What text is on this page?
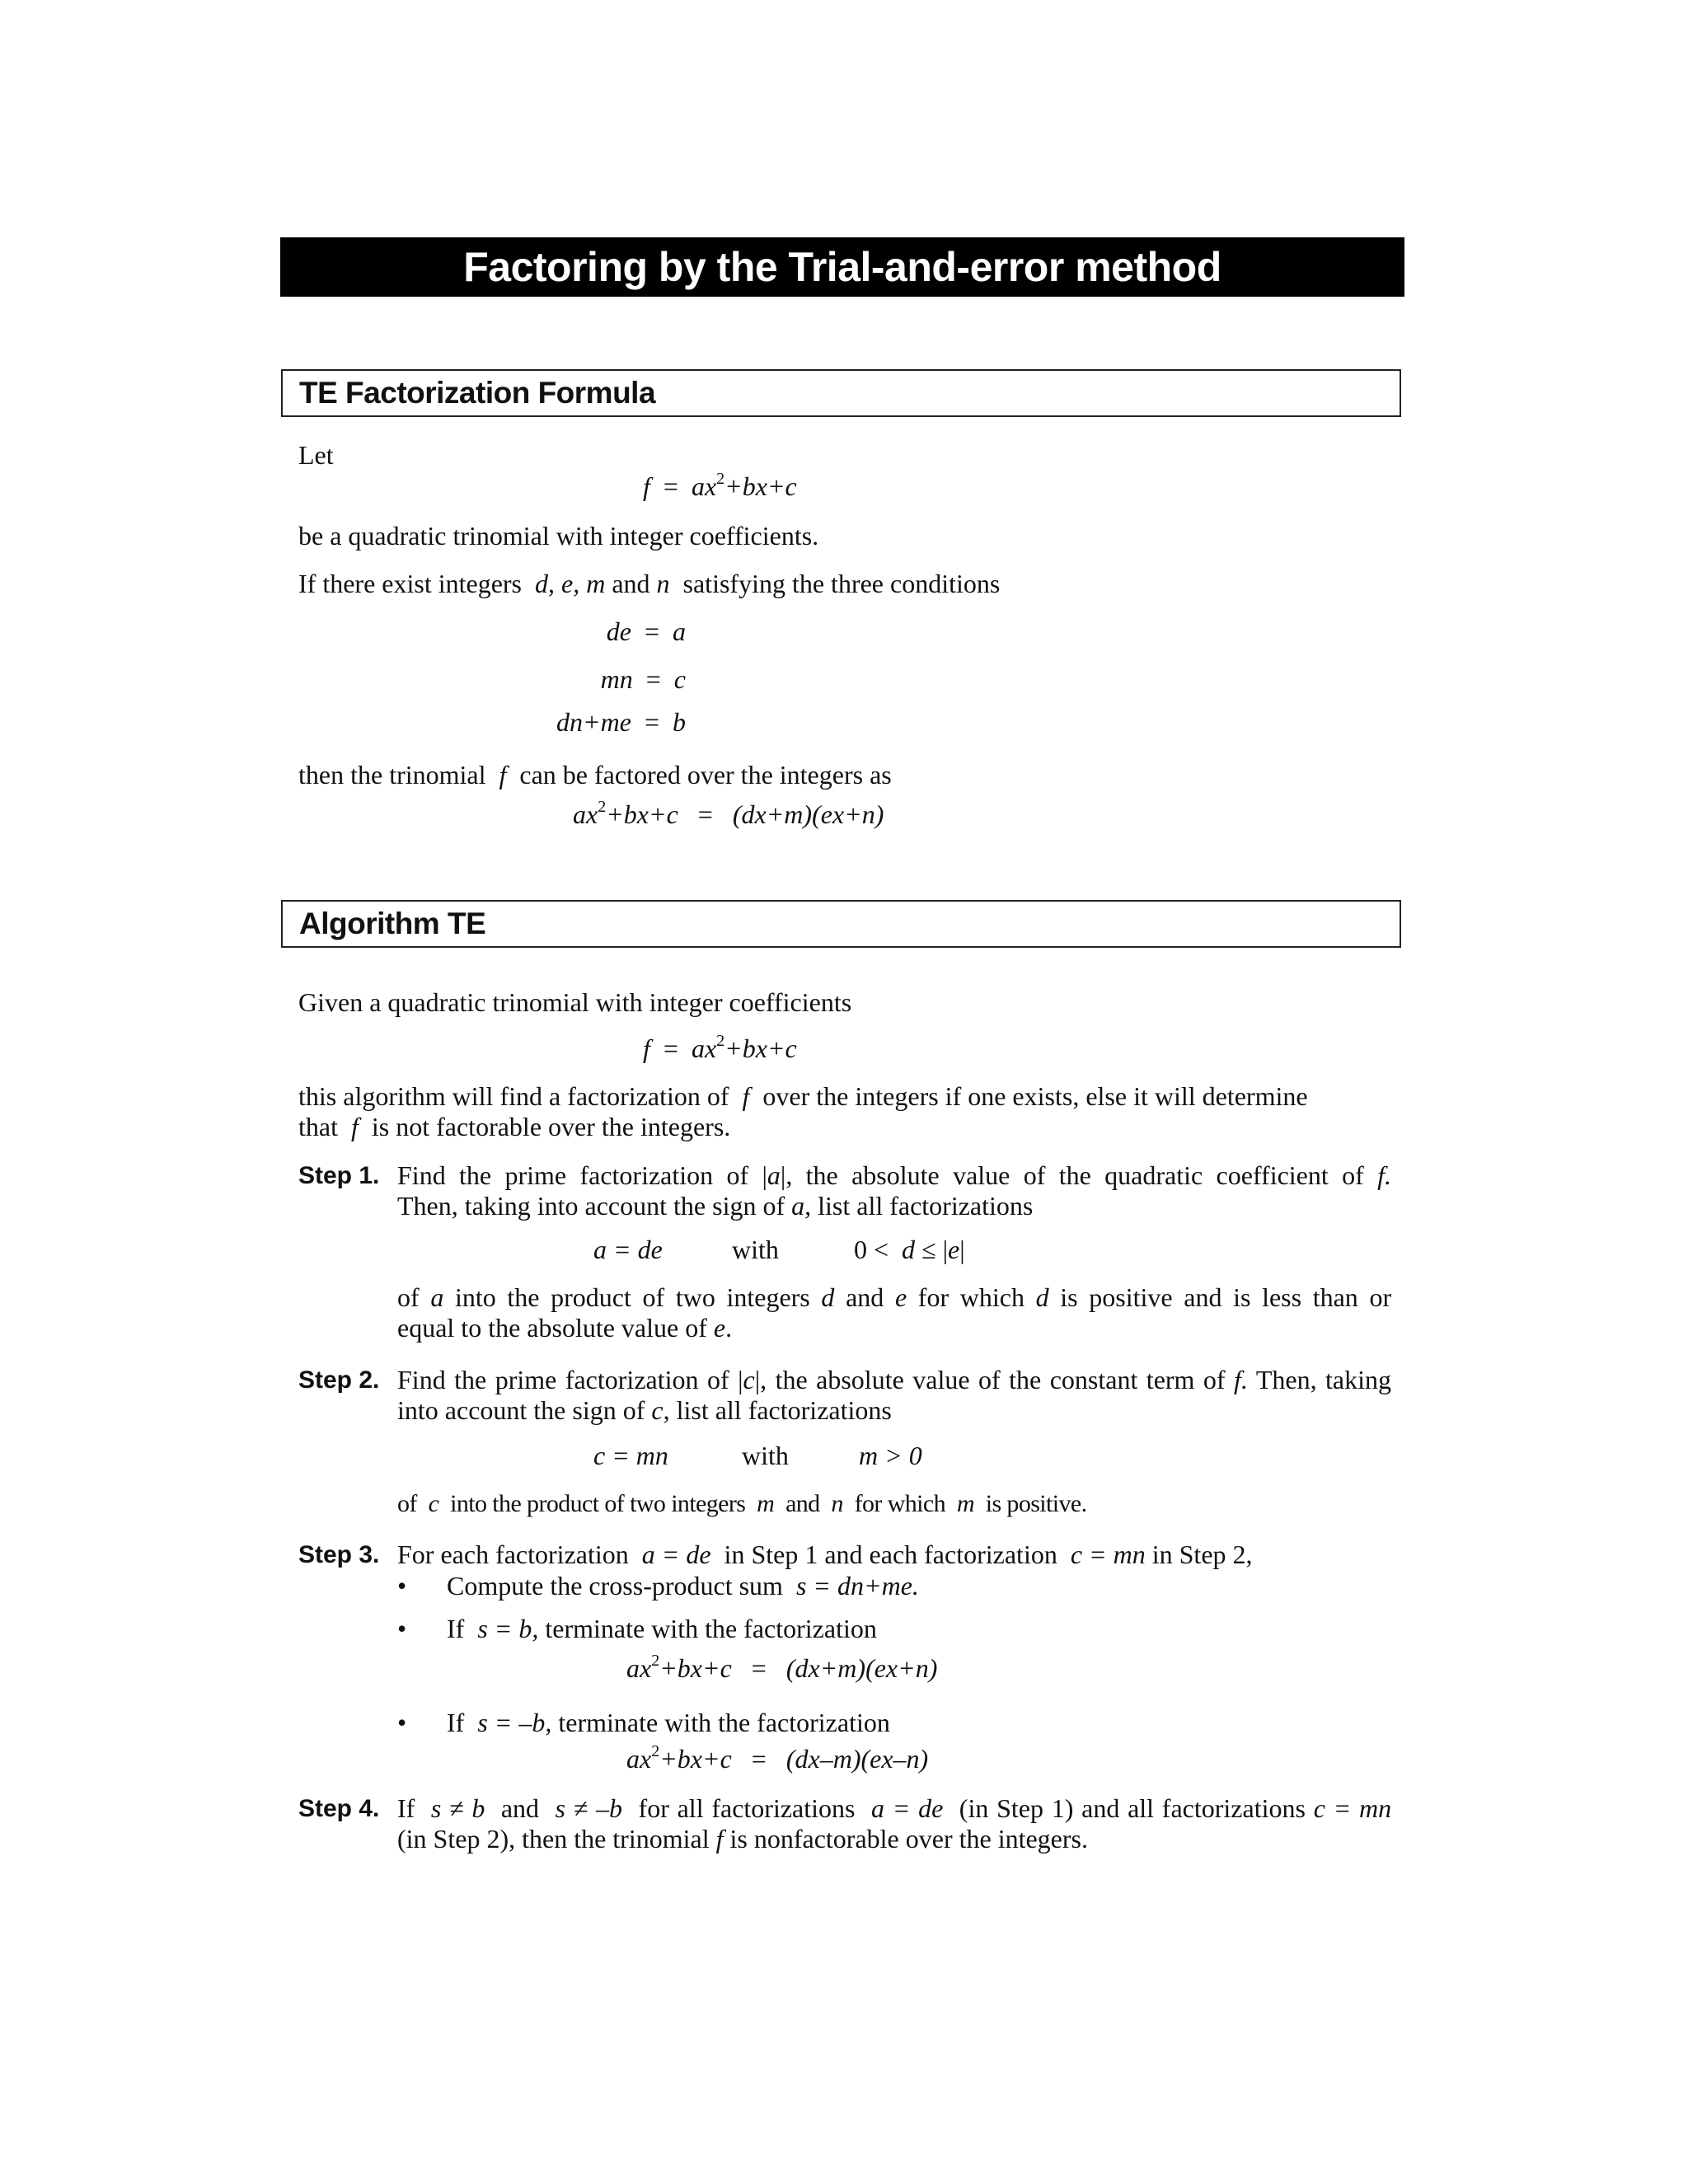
Factoring by the Trial-and-error method
TE Factorization Formula
Let
$f = ax^2+bx+c$
be a quadratic trinomial with integer coefficients.
If there exist integers d, e, m and n satisfying the three conditions
de  =  a
mn  =  c
dn+me  =  b
then the trinomial f can be factored over the integers as
$ax^2+bx+c = (dx+m)(ex+n)$
Algorithm TE
Given a quadratic trinomial with integer coefficients
$f = ax^2+bx+c$
this algorithm will find a factorization of f over the integers if one exists, else it will determine
that f is not factorable over the integers.
Step 1. Find the prime factorization of |a|, the absolute value of the quadratic coefficient of f.
Then, taking into account the sign of a, list all factorizations
a = de	with	0 < d ≤ |e|
of a into the product of two integers d and e for which d is positive and is less than or
equal to the absolute value of e.
Step 2. Find the prime factorization of |c|, the absolute value of the constant term of f. Then, taking
into account the sign of c, list all factorizations
c = mn	with	m > 0
of c into the product of two integers m and n for which m is positive.
Step 3. For each factorization a = de in Step 1 and each factorization c = mn in Step 2,
• Compute the cross-product sum s = dn+me.
• If s = b, terminate with the factorization
$ax^2+bx+c = (dx+m)(ex+n)$
• If s = –b, terminate with the factorization
$ax^2+bx+c = (dx-m)(ex-n)$
Step 4. If s ≠ b and s ≠ –b for all factorizations a = de (in Step 1) and all factorizations c = mn
(in Step 2), then the trinomial f is nonfactorable over the integers.
